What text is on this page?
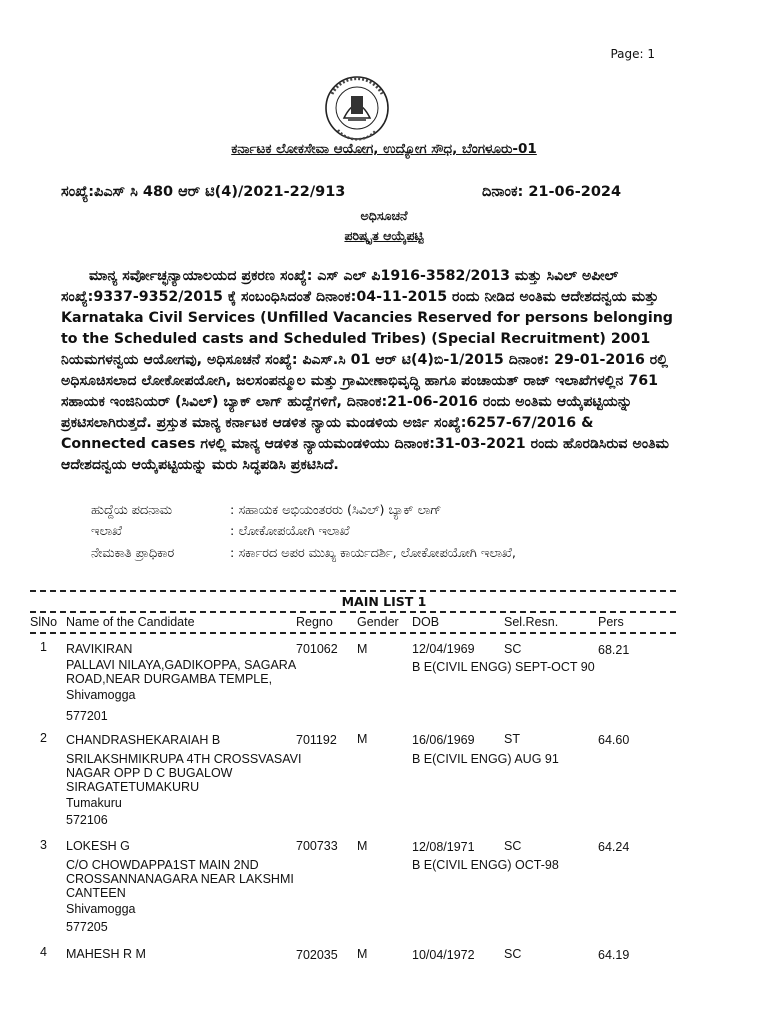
Page: 1
ಕರ್ನಾಟಕ ಲೋಕಸೇವಾ ಆಯೋಗ, ಉದ್ಯೋಗ ಸೌಧ, ಬೆಂಗಳೂರು-01
ಸಂಖ್ಯೆ:ಪಿಎಸ್ ಸಿ 480 ಆರ್ ಟಿ(4)/2021-22/913	ದಿನಾಂಕ: 21-06-2024
ಅಧಿಸೂಚನೆ
ಪರಿಷ್ಕೃತ ಆಯ್ಕೆಪಟ್ಟಿ
ಮಾನ್ಯ ಸರ್ವೋಚ್ಛನ್ಯಾಯಾಲಯದ ಪ್ರಕರಣ ಸಂಖ್ಯೆ: ಎಸ್ ಎಲ್ ಪಿ1916-3582/2013 ಮತ್ತು ಸಿವಿಲ್ ಅಪೀಲ್ ಸಂಖ್ಯೆ:9337-9352/2015 ಕ್ಕೆ ಸಂಬಂಧಿಸಿದಂತೆ ದಿನಾಂಕ:04-11-2015 ರಂದು ನೀಡಿದ ಅಂತಿಮ ಆದೇಶದನ್ವಯ ಮತ್ತು Karnataka Civil Services (Unfilled Vacancies Reserved for persons belonging to the Scheduled casts and Scheduled Tribes) (Special Recruitment) 2001 ನಿಯಮಗಳನ್ವಯ ಆಯೋಗವು, ಅಧಿಸೂಚನೆ ಸಂಖ್ಯೆ: ಪಿಎಸ್.ಸಿ 01 ಆರ್ ಟಿ(4)ಬಿ-1/2015 ದಿನಾಂಕ: 29-01-2016 ರಲ್ಲಿ ಅಧಿಸೂಚಿಸಲಾದ ಲೋಕೋಪಯೋಗಿ, ಜಲಸಂಪನ್ಮೂಲ ಮತ್ತು ಗ್ರಾಮೀಣಾಭಿವೃದ್ಧಿ ಹಾಗೂ ಪಂಚಾಯತ್ ರಾಜ್ ಇಲಾಖೆಗಳಲ್ಲಿನ 761 ಸಹಾಯಕ ಇಂಜಿನಿಯರ್ (ಸಿವಿಲ್) ಬ್ಯಾಕ್ ಲಾಗ್ ಹುದ್ದೆಗಳಿಗೆ, ದಿನಾಂಕ:21-06-2016 ರಂದು ಅಂತಿಮ ಆಯ್ಕೆಪಟ್ಟಿಯನ್ನು ಪ್ರಕಟಿಸಲಾಗಿರುತ್ತದೆ. ಪ್ರಸ್ತುತ ಮಾನ್ಯ ಕರ್ನಾಟಕ ಆಡಳಿತ ನ್ಯಾಯ ಮಂಡಳಿಯ ಅರ್ಜಿ ಸಂಖ್ಯೆ:6257-67/2016 & Connected cases ಗಳಲ್ಲಿ ಮಾನ್ಯ ಆಡಳಿತ ನ್ಯಾಯಮಂಡಳಿಯು ದಿನಾಂಕ:31-03-2021 ರಂದು ಹೊರಡಿಸಿರುವ ಅಂತಿಮ ಆದೇಶದನ್ವಯ ಆಯ್ಕೆಪಟ್ಟಿಯನ್ನು ಮರು ಸಿದ್ಧಪಡಿಸಿ ಪ್ರಕಟಿಸಿದೆ.
ಹುದ್ದೆಯ ಪದನಾಮ	: ಸಹಾಯಕ ಅಭಿಯಂತರರು (ಸಿವಿಲ್) ಬ್ಯಾಕ್ ಲಾಗ್
ಇಲಾಖೆ	: ಲೋಕೋಪಯೋಗಿ ಇಲಾಖೆ
ನೇಮಕಾತಿ ಪ್ರಾಧಿಕಾರ	: ಸರ್ಕಾರದ ಅಪರ ಮುಖ್ಯ ಕಾರ್ಯದರ್ಶಿ, ಲೋಕೋಪಯೋಗಿ ಇಲಾಖೆ,
MAIN LIST 1
SlNo Name of the Candidate	Regno Gender DOB	Sel.Resn.	Pers
1 RAVIKIRAN	701062 M	12/04/1969 SC	68.21
PALLAVI NILAYA,GADIKOPPA, SAGARA ROAD,NEAR DURGAMBA TEMPLE,
B E(CIVIL ENGG) SEPT-OCT 90
Shivamogga
577201
2 CHANDRASHEKARAIAH B	701192 M	16/06/1969 ST	64.60
SRILAKSHMIKRUPA 4TH CROSSVASAVI NAGAR OPP D C BUGALOW SIRAGATETUMAKURU
B E(CIVIL ENGG) AUG 91
Tumakuru
572106
3 LOKESH G	700733 M	12/08/1971 SC	64.24
C/O CHOWDAPPA1ST MAIN 2ND CROSSANNANAGARA NEAR LAKSHMI CANTEEN
B E(CIVIL ENGG) OCT-98
Shivamogga
577205
4 MAHESH R M	702035 M	10/04/1972 SC	64.19
